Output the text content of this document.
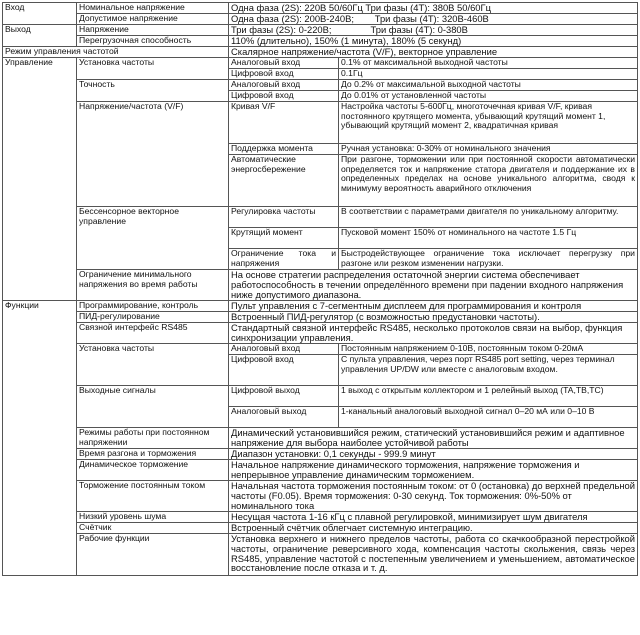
Вход	Номинальное напряжение	Одна фаза (2S): 220В 50/60Гц Три фазы (4Т): 380В 50/60Гц	
	Допустимое напряжение	Одна фаза (2S): 200В-240В;        Три фазы (4Т): 320В-460В	
Выход	Напряжение	Три фазы (2S): 0-220В;               Три фазы (4Т): 0-380В	
	Перегрузочная способность	110% (длительно), 150% (1 минута), 180% (5 секунд)	
Режим управления частотой		Скалярное напряжение/частота (V/F), векторное управление	
Управление	Установка частоты	Аналоговый вход	0.1% от максимальной выходной частоты
		Цифровой вход	0.1Гц
	Точность	Аналоговый вход	До 0.2% от максимальной выходной частоты
		Цифровой вход	До 0.01% от установленной частоты
	Напряжение/частота (V/F)	Кривая V/F	Настройка частоты 5-600Гц, многоточечная кривая V/F, кривая постоянного крутящего момента, убывающий крутящий момент 1, убывающий крутящий момент 2, квадратичная кривая
		Поддержка момента	Ручная установка: 0-30% от номинального значения
		Автоматические энергосбережение	При разгоне, торможении или при постоянной скорости автоматически определяется ток и напряжение статора двигателя и поддержание их в определенных пределах на основе уникального алгоритма, сводя к минимуму вероятность аварийного отключения
	Бессенсорное векторное управление	Регулировка частоты	В соответствии с параметрами двигателя по уникальному алгоритму.
		Крутящий момент	Пусковой момент 150% от номинального на частоте 1.5 Гц
		Ограничение тока и напряжения	Быстродействующее ограничение тока исключает перегрузку при разгоне или резком изменении нагрузки.
	Ограничение минимального напряжения во время работы	На основе стратегии распределения остаточной энергии система обеспечивает работоспособность в течении определённого времени при падении входного напряжения ниже допустимого диапазона.	
Функции	Программирование, контроль	Пульт управления с 7-сегментным дисплеем для программирования и контроля	
	ПИД-регулирование	Встроенный ПИД-регулятор (с возможностью предустановки частоты).	
	Связной интерфейс RS485	Стандартный связной интерфейс RS485, несколько протоколов связи на выбор, функция синхронизации управления.	
	Установка частоты	Аналоговый вход	Постоянным напряжением 0-10В, постоянным током 0-20мА
		Цифровой вход	С пульта управления, через порт RS485 port setting, через терминал управления UP/DW или вместе с аналоговым входом.
	Выходные сигналы	Цифровой выход	1 выход с открытым коллектором и 1 релейный выход (TA,TB,TC)
		Аналоговый выход	1-канальный аналоговый выходной сигнал 0–20 мА или 0–10 В
	Режимы работы при постоянном напряжении	Динамический установившийся режим, статический установившийся режим и адаптивное напряжение для выбора наиболее устойчивой работы	
	Время разгона и торможения	Диапазон установки: 0,1 секунды - 999.9 минут	
	Динамическое торможение	Начальное напряжение динамического торможения, напряжение торможения и непрерывное управление динамическим торможением.	
	Торможение постоянным током	Начальная частота торможения постоянным током: от 0 (остановка) до верхней предельной частоты (F0.05). Время торможения: 0-30 секунд. Ток торможения: 0%-50% от номинального тока	
	Низкий уровень шума	Несущая частота 1-16 кГц с плавной регулировкой, минимизирует шум двигателя	
	Счётчик	Встроенный счётчик облегчает системную интеграцию.	
	Рабочие функции	Установка верхнего и нижнего пределов частоты, работа со скачкообразной перестройкой частоты, ограничение реверсивного хода, компенсация частоты скольжения, связь через RS485, управление частотой с постепенным увеличением и уменьшением, автоматическое восстановление после отказа и т. д.	
